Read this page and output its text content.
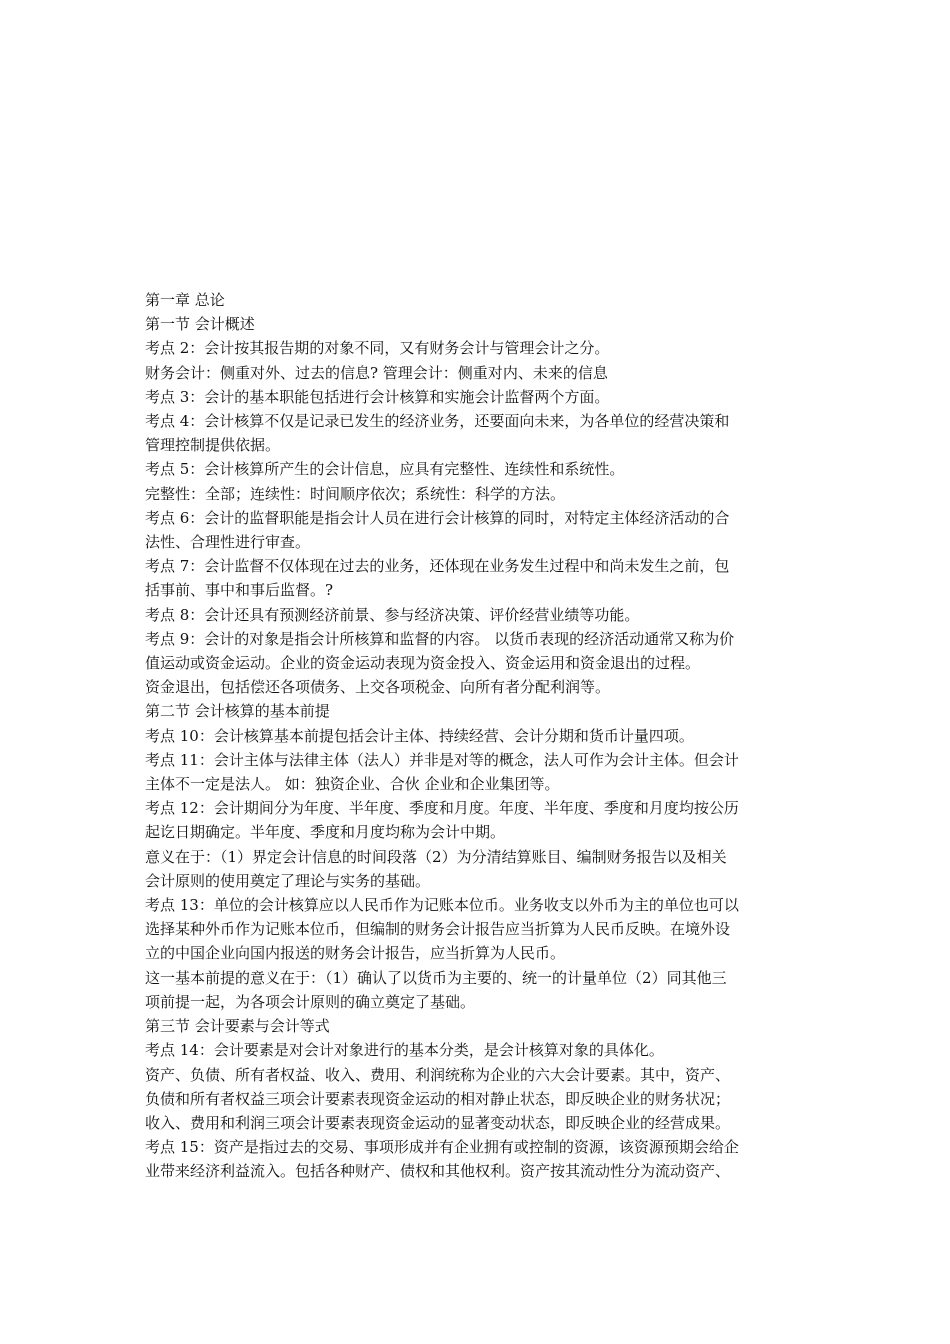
第一章 总论

第一节 会计概述

考点 2：会计按其报告期的对象不同，又有财务会计与管理会计之分。

财务会计：侧重对外、过去的信息? 管理会计：侧重对内、未来的信息

考点 3：会计的基本职能包括进行会计核算和实施会计监督两个方面。

考点 4：会计核算不仅是记录已发生的经济业务，还要面向未来，为各单位的经营决策和

管理控制提供依据。

考点 5：会计核算所产生的会计信息，应具有完整性、连续性和系统性。

完整性：全部；连续性：时间顺序依次；系统性：科学的方法。

考点 6：会计的监督职能是指会计人员在进行会计核算的同时，对特定主体经济活动的合

法性、合理性进行审查。

考点 7：会计监督不仅体现在过去的业务，还体现在业务发生过程中和尚未发生之前，包

括事前、事中和事后监督。?

考点 8：会计还具有预测经济前景、参与经济决策、评价经营业绩等功能。

考点 9：会计的对象是指会计所核算和监督的内容。 以货币表现的经济活动通常又称为价

值运动或资金运动。企业的资金运动表现为资金投入、资金运用和资金退出的过程。

资金退出，包括偿还各项债务、上交各项税金、向所有者分配利润等。

第二节 会计核算的基本前提

考点 10：会计核算基本前提包括会计主体、持续经营、会计分期和货币计量四项。

考点 11：会计主体与法律主体（法人）并非是对等的概念，法人可作为会计主体。但会计

主体不一定是法人。 如：独资企业、合伙 企业和企业集团等。

考点 12：会计期间分为年度、半年度、季度和月度。年度、半年度、季度和月度均按公历

起讫日期确定。半年度、季度和月度均称为会计中期。

意义在于：（1）界定会计信息的时间段落（2）为分清结算账目、编制财务报告以及相关

会计原则的使用奠定了理论与实务的基础。

考点 13：单位的会计核算应以人民币作为记账本位币。业务收支以外币为主的单位也可以

选择某种外币作为记账本位币，但编制的财务会计报告应当折算为人民币反映。在境外设

立的中国企业向国内报送的财务会计报告，应当折算为人民币。

这一基本前提的意义在于：（1）确认了以货币为主要的、统一的计量单位（2）同其他三

项前提一起，为各项会计原则的确立奠定了基础。

第三节 会计要素与会计等式

考点 14：会计要素是对会计对象进行的基本分类，是会计核算对象的具体化。

资产、负债、所有者权益、收入、费用、利润统称为企业的六大会计要素。其中，资产、

负债和所有者权益三项会计要素表现资金运动的相对静止状态，即反映企业的财务状况；

收入、费用和利润三项会计要素表现资金运动的显著变动状态，即反映企业的经营成果。

考点 15：资产是指过去的交易、事项形成并有企业拥有或控制的资源，该资源预期会给企

业带来经济利益流入。包括各种财产、债权和其他权利。资产按其流动性分为流动资产、
